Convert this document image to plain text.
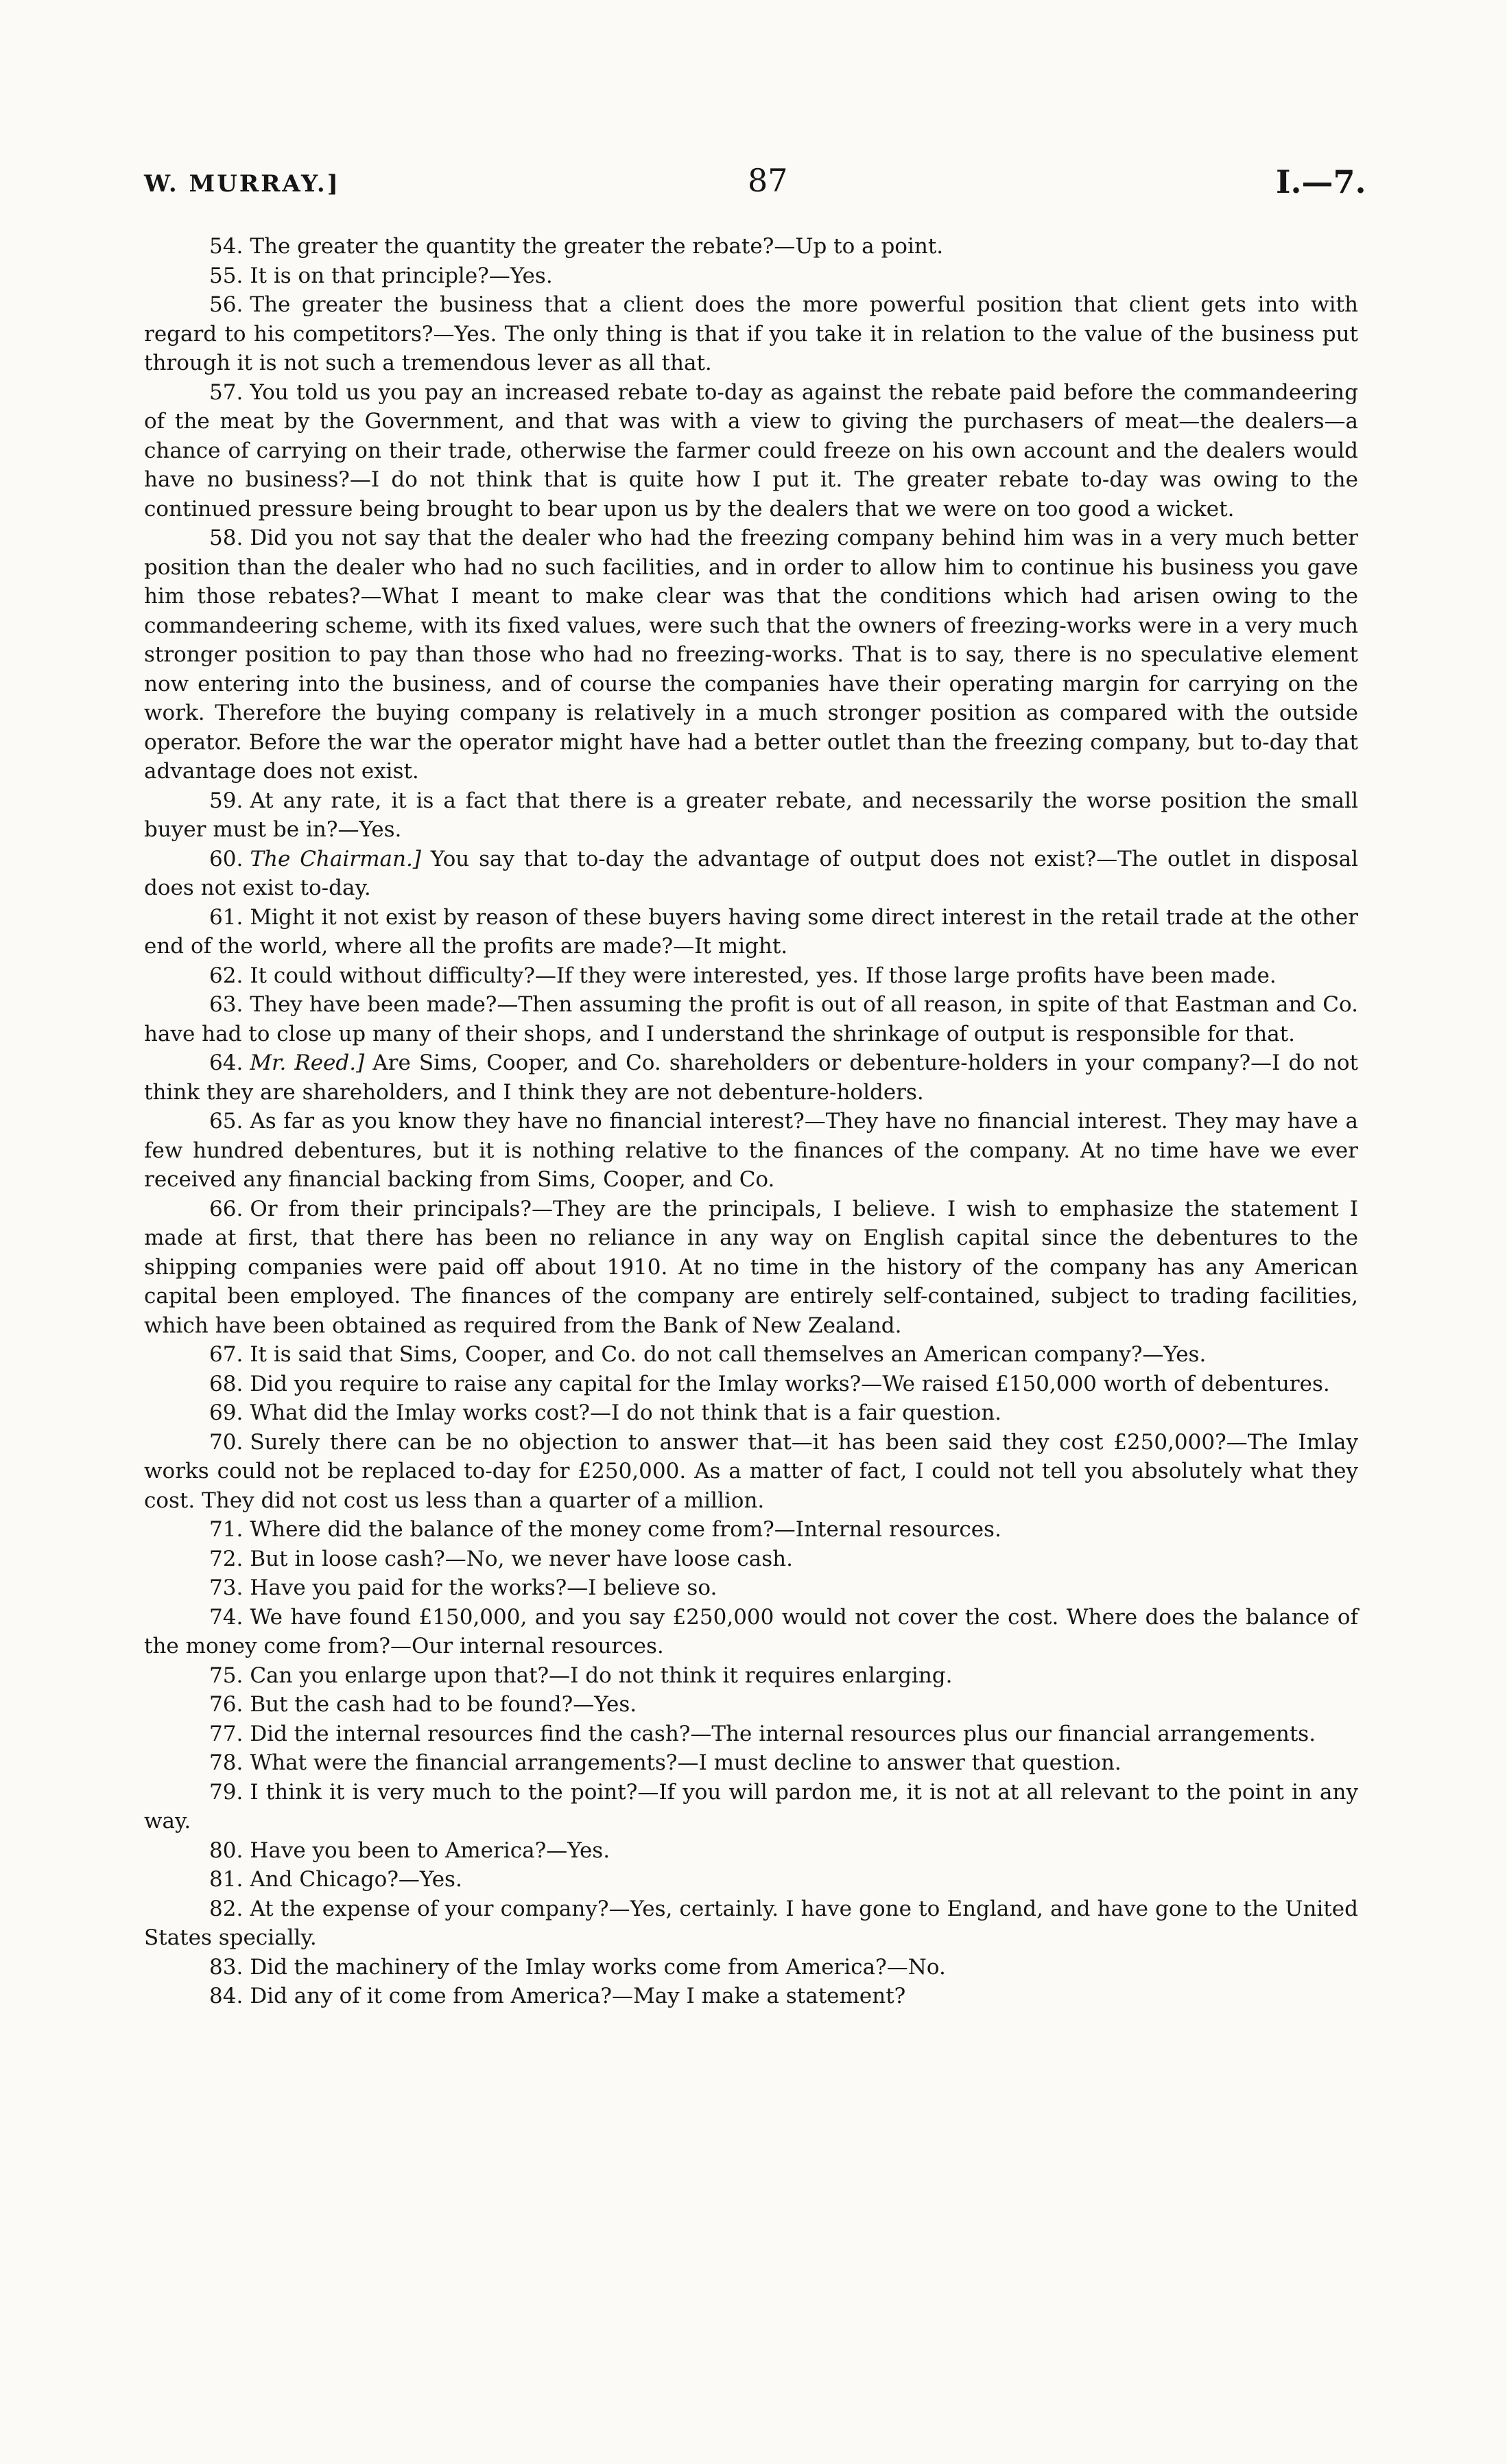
W. MURRAY.]	87	I.—7.

54. The greater the quantity the greater the rebate?—Up to a point.

55. It is on that principle?—Yes.

56. The greater the business that a client does the more powerful position that client gets into with regard to his competitors?—Yes. The only thing is that if you take it in relation to the value of the business put through it is not such a tremendous lever as all that.

57. You told us you pay an increased rebate to-day as against the rebate paid before the commandeering of the meat by the Government, and that was with a view to giving the purchasers of meat—the dealers—a chance of carrying on their trade, otherwise the farmer could freeze on his own account and the dealers would have no business?—I do not think that is quite how I put it. The greater rebate to-day was owing to the continued pressure being brought to bear upon us by the dealers that we were on too good a wicket.

58. Did you not say that the dealer who had the freezing company behind him was in a very much better position than the dealer who had no such facilities, and in order to allow him to continue his business you gave him those rebates?—What I meant to make clear was that the conditions which had arisen owing to the commandeering scheme, with its fixed values, were such that the owners of freezing-works were in a very much stronger position to pay than those who had no freezing-works. That is to say, there is no speculative element now entering into the business, and of course the companies have their operating margin for carrying on the work. Therefore the buying company is relatively in a much stronger position as compared with the outside operator. Before the war the operator might have had a better outlet than the freezing company, but to-day that advantage does not exist.

59. At any rate, it is a fact that there is a greater rebate, and necessarily the worse position the small buyer must be in?—Yes.

60. The Chairman.] You say that to-day the advantage of output does not exist?—The outlet in disposal does not exist to-day.

61. Might it not exist by reason of these buyers having some direct interest in the retail trade at the other end of the world, where all the profits are made?—It might.

62. It could without difficulty?—If they were interested, yes. If those large profits have been made.

63. They have been made?—Then assuming the profit is out of all reason, in spite of that Eastman and Co. have had to close up many of their shops, and I understand the shrinkage of output is responsible for that.

64. Mr. Reed.] Are Sims, Cooper, and Co. shareholders or debenture-holders in your company?—I do not think they are shareholders, and I think they are not debenture-holders.

65. As far as you know they have no financial interest?—They have no financial interest. They may have a few hundred debentures, but it is nothing relative to the finances of the company. At no time have we ever received any financial backing from Sims, Cooper, and Co.

66. Or from their principals?—They are the principals, I believe. I wish to emphasize the statement I made at first, that there has been no reliance in any way on English capital since the debentures to the shipping companies were paid off about 1910. At no time in the history of the company has any American capital been employed. The finances of the company are entirely self-contained, subject to trading facilities, which have been obtained as required from the Bank of New Zealand.

67. It is said that Sims, Cooper, and Co. do not call themselves an American company?—Yes.

68. Did you require to raise any capital for the Imlay works?—We raised £150,000 worth of debentures.

69. What did the Imlay works cost?—I do not think that is a fair question.

70. Surely there can be no objection to answer that—it has been said they cost £250,000?—The Imlay works could not be replaced to-day for £250,000. As a matter of fact, I could not tell you absolutely what they cost. They did not cost us less than a quarter of a million.

71. Where did the balance of the money come from?—Internal resources.

72. But in loose cash?—No, we never have loose cash.

73. Have you paid for the works?—I believe so.

74. We have found £150,000, and you say £250,000 would not cover the cost. Where does the balance of the money come from?—Our internal resources.

75. Can you enlarge upon that?—I do not think it requires enlarging.

76. But the cash had to be found?—Yes.

77. Did the internal resources find the cash?—The internal resources plus our financial arrangements.

78. What were the financial arrangements?—I must decline to answer that question.

79. I think it is very much to the point?—If you will pardon me, it is not at all relevant to the point in any way.

80. Have you been to America?—Yes.

81. And Chicago?—Yes.

82. At the expense of your company?—Yes, certainly. I have gone to England, and have gone to the United States specially.

83. Did the machinery of the Imlay works come from America?—No.

84. Did any of it come from America?—May I make a statement?
